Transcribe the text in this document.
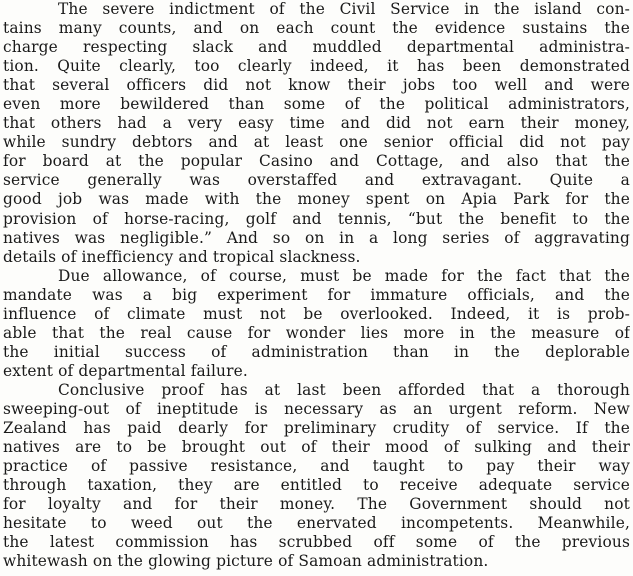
The severe indictment of the Civil Service in the island con-
tains many counts, and on each count the evidence sustains the
charge respecting slack and muddled departmental administra-
tion. Quite clearly, too clearly indeed, it has been demonstrated
that several officers did not know their jobs too well and were
even more bewildered than some of the political administrators,
that others had a very easy time and did not earn their money,
while sundry debtors and at least one senior official did not pay
for board at the popular Casino and Cottage, and also that the
service generally was overstaffed and extravagant. Quite a
good job was made with the money spent on Apia Park for the
provision of horse-racing, golf and tennis, “but the benefit to the
natives was negligible.” And so on in a long series of aggravating
details of inefficiency and tropical slackness.
Due allowance, of course, must be made for the fact that the
mandate was a big experiment for immature officials, and the
influence of climate must not be overlooked. Indeed, it is prob-
able that the real cause for wonder lies more in the measure of
the initial success of administration than in the deplorable
extent of departmental failure.
Conclusive proof has at last been afforded that a thorough
sweeping-out of ineptitude is necessary as an urgent reform. New
Zealand has paid dearly for preliminary crudity of service. If the
natives are to be brought out of their mood of sulking and their
practice of passive resistance, and taught to pay their way
through taxation, they are entitled to receive adequate service
for loyalty and for their money. The Government should not
hesitate to weed out the enervated incompetents. Meanwhile,
the latest commission has scrubbed off some of the previous
whitewash on the glowing picture of Samoan administration.
